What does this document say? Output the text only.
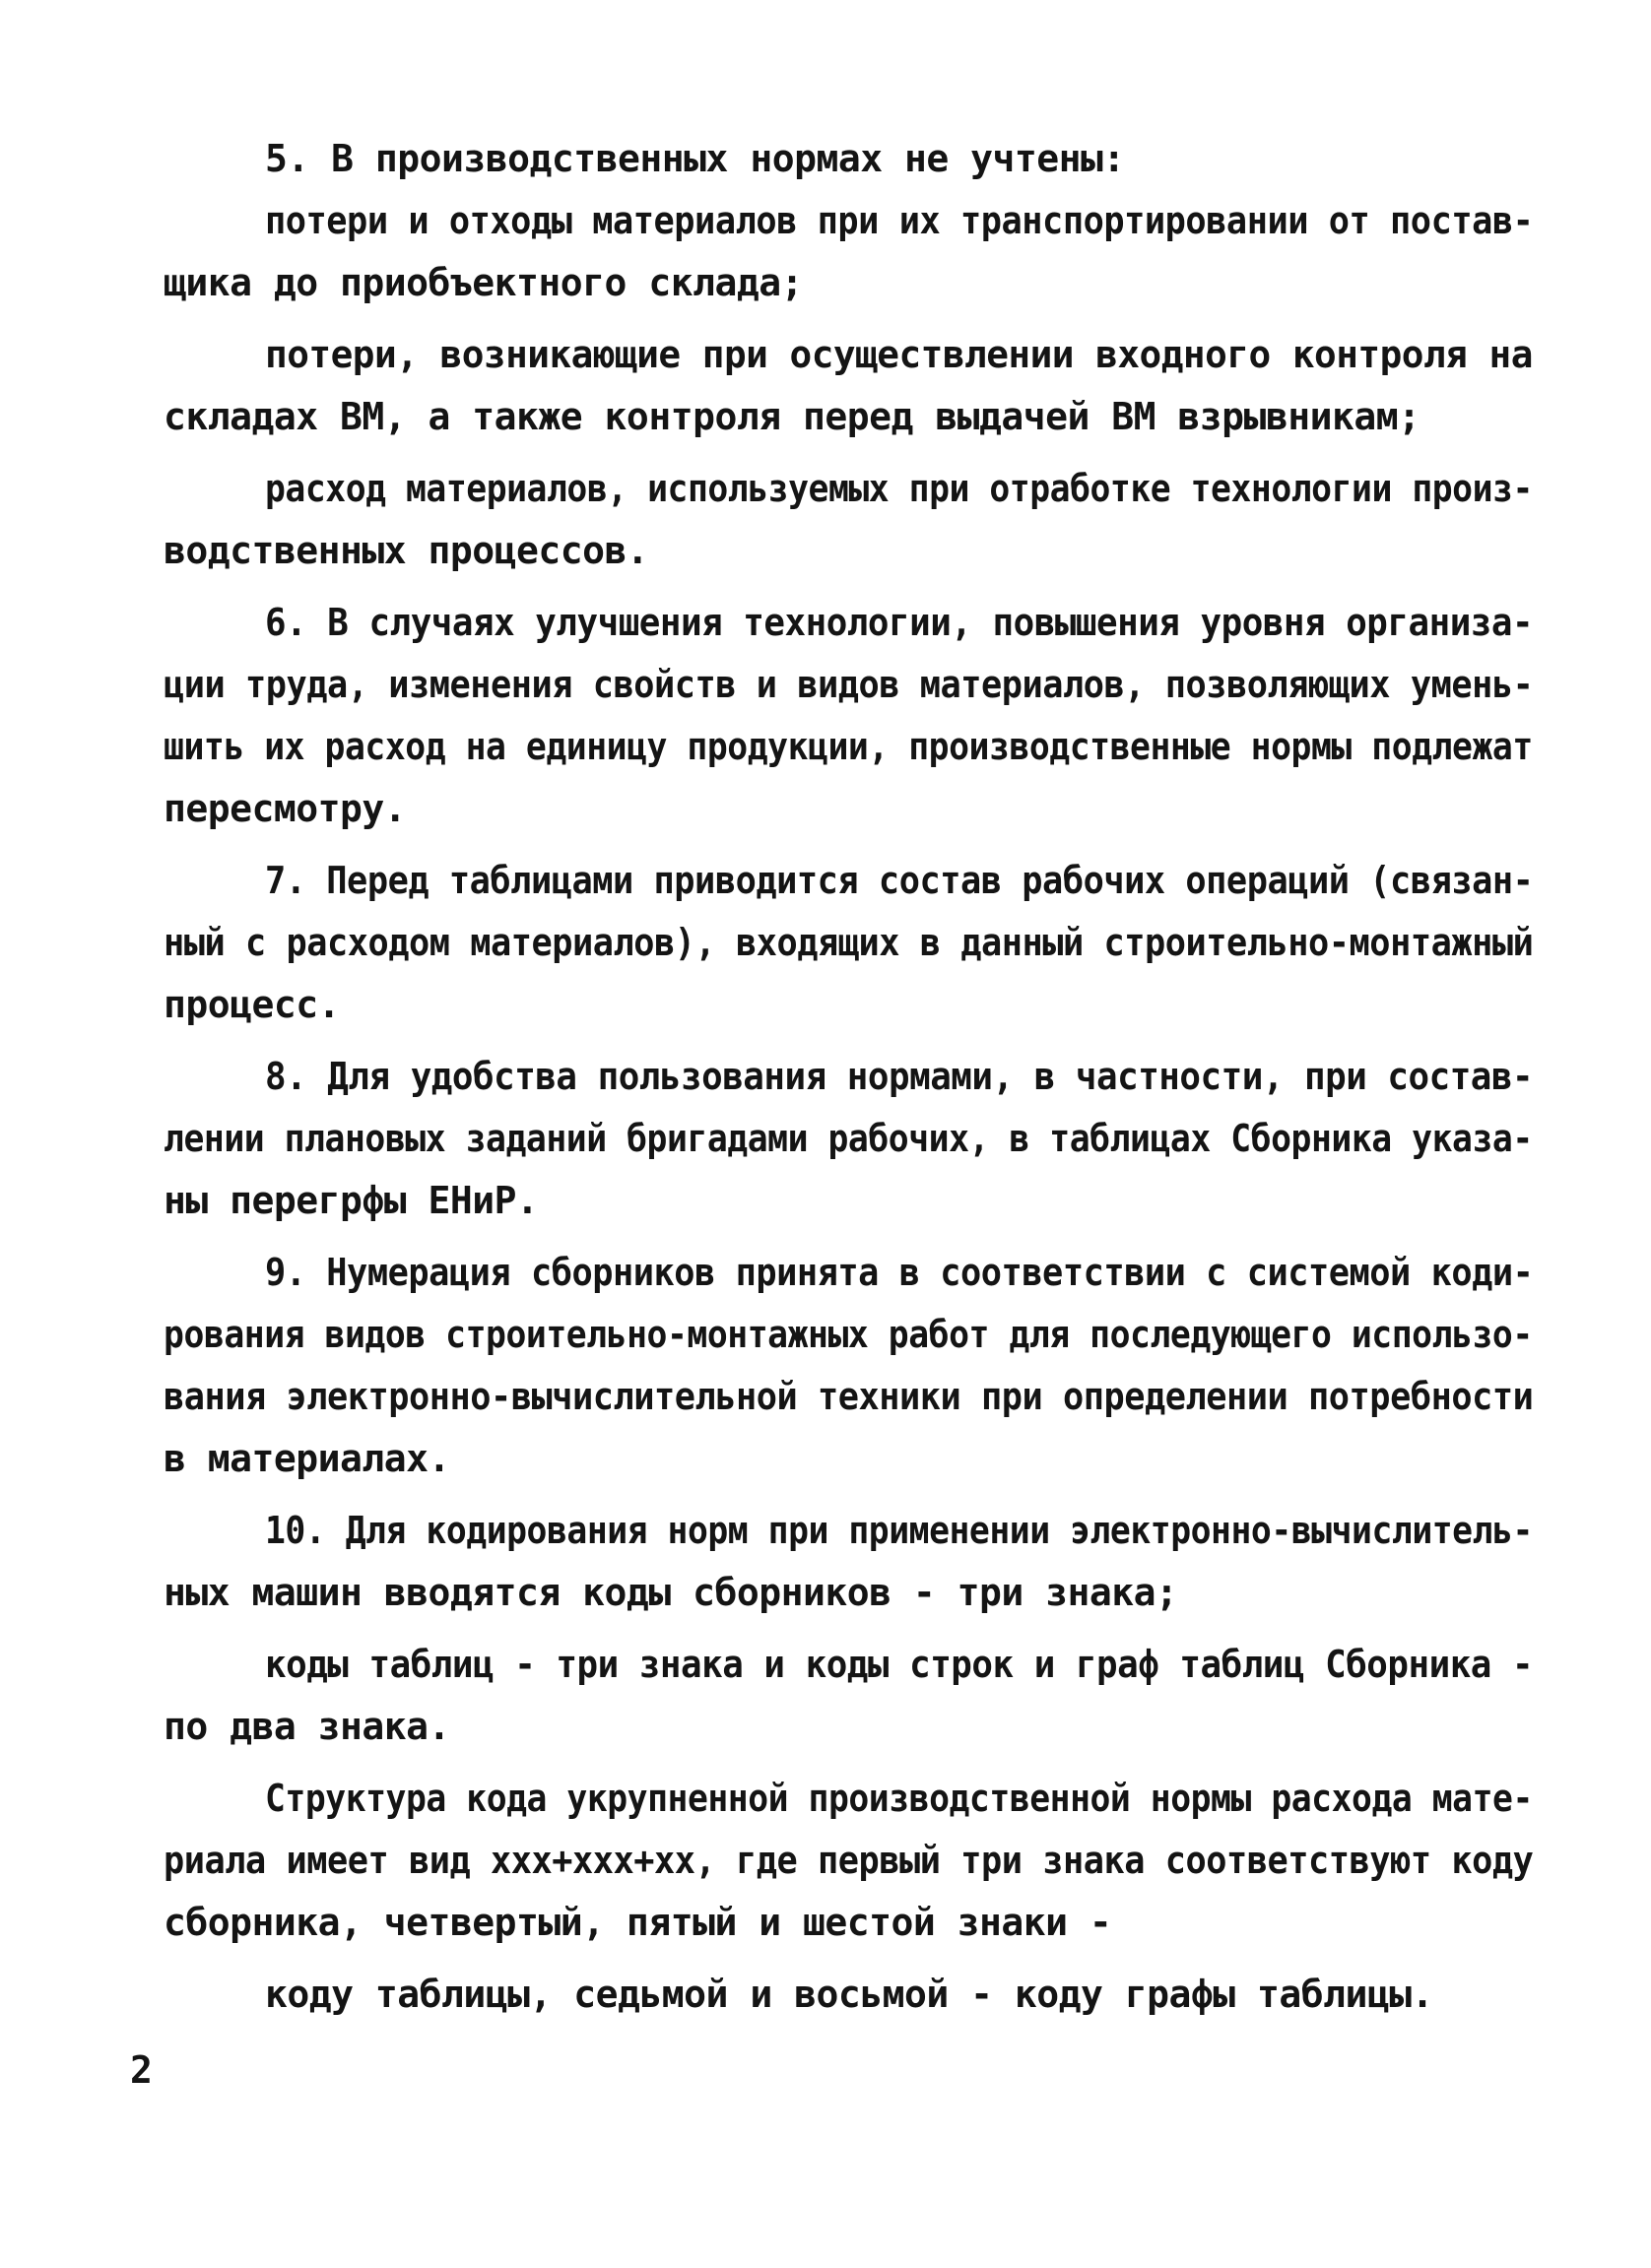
5. В производственных нормах не учтены:
потери и отходы материалов при их транспортировании от постав-
щика до приобъектного склада;
потери, возникающие при осуществлении входного контроля на
складах ВМ, а также контроля перед выдачей ВМ взрывникам;
расход материалов, используемых при отработке технологии произ-
водственных процессов.
6. В случаях улучшения технологии, повышения уровня организа-
ции труда, изменения свойств и видов материалов, позволяющих умень-
шить их расход на единицу продукции, производственные нормы подлежат
пересмотру.
7. Перед таблицами приводится состав рабочих операций (связан-
ный с расходом материалов), входящих в данный строительно-монтажный
процесс.
8. Для удобства пользования нормами, в частности, при состав-
лении плановых заданий бригадами рабочих, в таблицах Сборника указа-
ны перегрфы ЕНиР.
9. Нумерация сборников принята в соответствии с системой коди-
рования видов строительно-монтажных работ для последующего использо-
вания электронно-вычислительной техники при определении потребности
в материалах.
10. Для кодирования норм при применении электронно-вычислитель-
ных машин вводятся коды сборников - три знака;
коды таблиц - три знака и коды строк и граф таблиц Сборника -
по два знака.
Структура кода укрупненной производственной нормы расхода мате-
риала имеет вид ххх+ххх+хх, где первый три знака соответствуют коду
сборника, четвертый, пятый и шестой знаки -
коду таблицы, седьмой и восьмой - коду графы таблицы.
2
